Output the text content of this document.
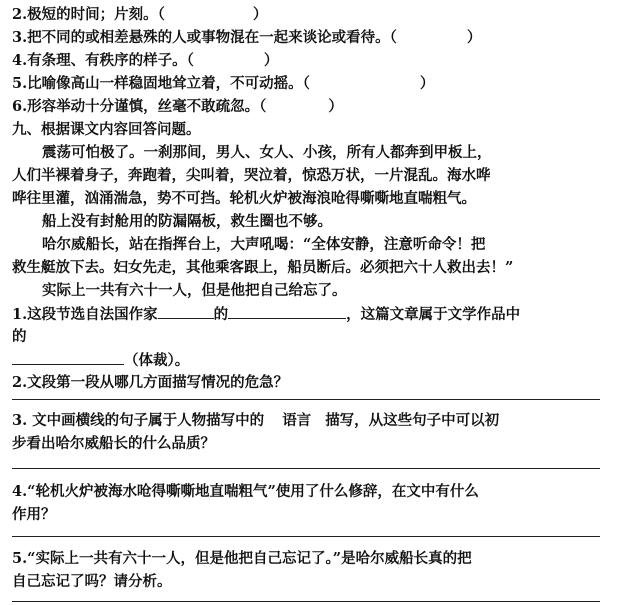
2.极短的时间；片刻。（	）
3.把不同的或相差悬殊的人或事物混在一起来谈论或看待。（	）
4.有条理、有秩序的样子。（	）
5.比喻像高山一样稳固地耸立着，不可动摇。（	）
6.形容举动十分谨慎，丝毫不敢疏忽。（	）
九、根据课文内容回答问题。
震荡可怕极了。一刹那间，男人、女人、小孩，所有人都奔到甲板上，
人们半裸着身子，奔跑着，尖叫着，哭泣着，惊恐万状，一片混乱。海水哗
哗往里灌，汹涌湍急，势不可挡。轮机火炉被海浪呛得嘶嘶地直喘粗气。
船上没有封舱用的防漏隔板，救生圈也不够。
哈尔威船长，站在指挥台上，大声吼喝：“全体安静，注意听命令！把
救生艇放下去。妇女先走，其他乘客跟上，船员断后。必须把六十人救出去！”
实际上一共有六十一人，但是他把自己给忘了。
1.这段节选自法国作家	的	，这篇文章属于文学作品中
的
（体裁）。
2.文段第一段从哪几方面描写情况的危急？
3. 文中画横线的句子属于人物描写中的 语言 描写，从这些句子中可以初
步看出哈尔威船长的什么品质？
4.“轮机火炉被海水呛得嘶嘶地直喘粗气”使用了什么修辞，在文中有什么
作用？
5.“实际上一共有六十一人，但是他把自己忘记了。”是哈尔威船长真的把
自己忘记了吗？请分析。
